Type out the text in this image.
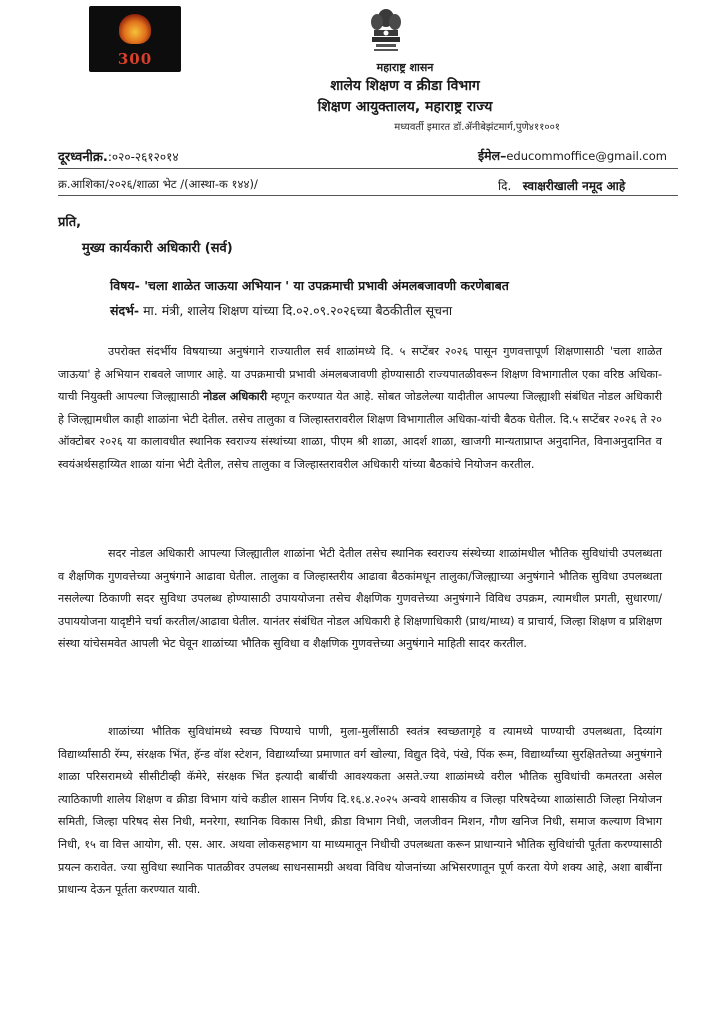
300	महाराष्ट्र शासन
शालेय शिक्षण व क्रीडा विभाग
शिक्षण आयुक्तालय, महाराष्ट्र राज्य
मध्यवर्ती इमारत डॉ.ॲनीबेझंटमार्ग,पुणे४११००१
दूरध्वनीक्र.:०२०-२६१२०१४	ईमेल–educommoffice@gmail.com
क्र.आशिका/२०२६/शाळा भेट /(आस्था-क १४४)/	दि. स्वाक्षरीखाली नमूद आहे
प्रति,
मुख्य कार्यकारी अधिकारी (सर्व)
विषय- 'चला शाळेत जाऊया अभियान ' या उपक्रमाची प्रभावी अंमलबजावणी करणेबाबत
संदर्भ- मा. मंत्री, शालेय शिक्षण यांच्या दि.०२.०९.२०२६च्या बैठकीतील सूचना

उपरोक्त संदर्भीय विषयाच्या अनुषंगाने राज्यातील सर्व शाळांमध्ये दि. ५ सप्टेंबर २०२६ पासून गुणवत्तापूर्ण शिक्षणासाठी 'चला शाळेत जाऊया' हे अभियान राबवले जाणार आहे. या उपक्रमाची प्रभावी अंमलबजावणी होण्यासाठी राज्यपातळीवरून शिक्षण विभागातील एका वरिष्ठ अधिका-याची नियुक्ती आपल्या जिल्ह्यासाठी नोडल अधिकारी म्हणून करण्यात येत आहे. सोबत जोडलेल्या यादीतील आपल्या जिल्ह्याशी संबंधित नोडल अधिकारी हे जिल्ह्यामधील काही शाळांना भेटी देतील. तसेच तालुका व जिल्हास्तरावरील शिक्षण विभागातील अधिका-यांची बैठक घेतील. दि.५ सप्टेंबर २०२६ ते २० ऑक्टोबर २०२६ या कालावधीत स्थानिक स्वराज्य संस्थांच्या शाळा, पीएम श्री शाळा, आदर्श शाळा, खाजगी मान्यताप्राप्त अनुदानित, विनाअनुदानित व स्वयंअर्थसहाय्यित शाळा यांना भेटी देतील, तसेच तालुका व जिल्हास्तरावरील अधिकारी यांच्या बैठकांचे नियोजन करतील.

सदर नोडल अधिकारी आपल्या जिल्ह्यातील शाळांना भेटी देतील तसेच स्थानिक स्वराज्य संस्थेच्या शाळांमधील भौतिक सुविधांची उपलब्धता व शैक्षणिक गुणवत्तेच्या अनुषंगाने आढावा घेतील. तालुका व जिल्हास्तरीय आढावा बैठकांमधून तालुका/जिल्ह्याच्या अनुषंगाने भौतिक सुविधा उपलब्धता नसलेल्या ठिकाणी सदर सुविधा उपलब्ध होण्यासाठी उपाययोजना तसेच शैक्षणिक गुणवत्तेच्या अनुषंगाने विविध उपक्रम, त्यामधील प्रगती, सुधारणा/उपाययोजना यादृष्टीने चर्चा करतील/आढावा घेतील. यानंतर संबंधित नोडल अधिकारी हे शिक्षणाधिकारी (प्राथ/माध्य) व प्राचार्य, जिल्हा शिक्षण व प्रशिक्षण संस्था यांचेसमवेत आपली भेट घेवून शाळांच्या भौतिक सुविधा व शैक्षणिक गुणवत्तेच्या अनुषंगाने माहिती सादर करतील.

शाळांच्या भौतिक सुविधांमध्ये स्वच्छ पिण्याचे पाणी, मुला-मुलींसाठी स्वतंत्र स्वच्छतागृहे व त्यामध्ये पाण्याची उपलब्धता, दिव्यांग विद्यार्थ्यांसाठी रॅम्प, संरक्षक भिंत, हॅन्ड वॉश स्टेशन, विद्यार्थ्यांच्या प्रमाणात वर्ग खोल्या, विद्युत दिवे, पंखे, पिंक रूम, विद्यार्थ्यांच्या सुरक्षिततेच्या अनुषंगाने शाळा परिसरामध्ये सीसीटीव्ही कॅमेरे, संरक्षक भिंत इत्यादी बाबींची आवश्यकता असते.ज्या शाळांमध्ये वरील भौतिक सुविधांची कमतरता असेल त्याठिकाणी शालेय शिक्षण व क्रीडा विभाग यांचे कडील शासन निर्णय दि.१६.४.२०२५ अन्वये शासकीय व जिल्हा परिषदेच्या शाळांसाठी जिल्हा नियोजन समिती, जिल्हा परिषद सेस निधी, मनरेगा, स्थानिक विकास निधी, क्रीडा विभाग निधी, जलजीवन मिशन, गौण खनिज निधी, समाज कल्याण विभाग निधी, १५ वा वित्त आयोग, सी. एस. आर. अथवा लोकसहभाग या माध्यमातून निधीची उपलब्धता करून प्राधान्याने भौतिक सुविधांची पूर्तता करण्यासाठी प्रयत्न करावेत. ज्या सुविधा स्थानिक पातळीवर उपलब्ध साधनसामग्री अथवा विविध योजनांच्या अभिसरणातून पूर्ण करता येणे शक्य आहे, अशा बाबींना प्राधान्य देऊन पूर्तता करण्यात यावी.
